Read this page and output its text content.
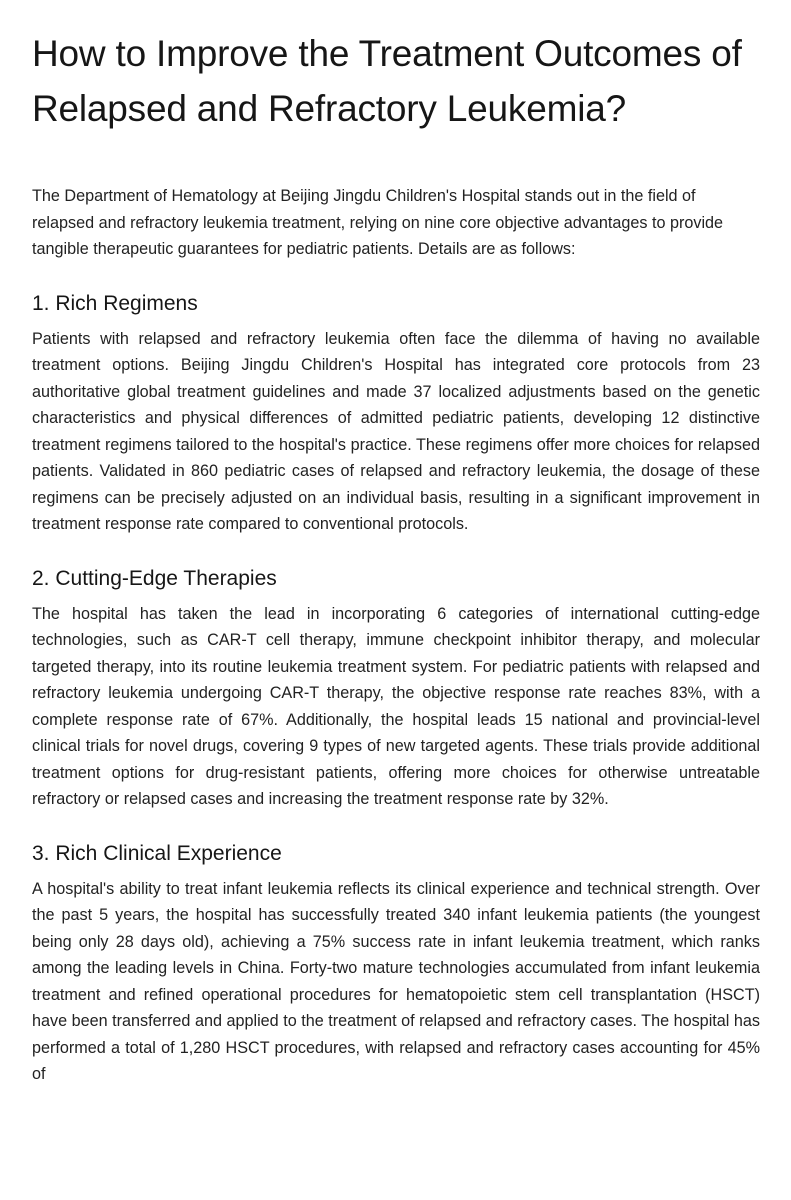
How to Improve the Treatment Outcomes of Relapsed and Refractory Leukemia?

The Department of Hematology at Beijing Jingdu Children's Hospital stands out in the field of relapsed and refractory leukemia treatment, relying on nine core objective advantages to provide tangible therapeutic guarantees for pediatric patients. Details are as follows:

1. Rich Regimens

Patients with relapsed and refractory leukemia often face the dilemma of having no available treatment options. Beijing Jingdu Children's Hospital has integrated core protocols from 23 authoritative global treatment guidelines and made 37 localized adjustments based on the genetic characteristics and physical differences of admitted pediatric patients, developing 12 distinctive treatment regimens tailored to the hospital's practice. These regimens offer more choices for relapsed patients. Validated in 860 pediatric cases of relapsed and refractory leukemia, the dosage of these regimens can be precisely adjusted on an individual basis, resulting in a significant improvement in treatment response rate compared to conventional protocols.

2. Cutting-Edge Therapies

The hospital has taken the lead in incorporating 6 categories of international cutting-edge technologies, such as CAR-T cell therapy, immune checkpoint inhibitor therapy, and molecular targeted therapy, into its routine leukemia treatment system. For pediatric patients with relapsed and refractory leukemia undergoing CAR-T therapy, the objective response rate reaches 83%, with a complete response rate of 67%. Additionally, the hospital leads 15 national and provincial-level clinical trials for novel drugs, covering 9 types of new targeted agents. These trials provide additional treatment options for drug-resistant patients, offering more choices for otherwise untreatable refractory or relapsed cases and increasing the treatment response rate by 32%.

3. Rich Clinical Experience

A hospital's ability to treat infant leukemia reflects its clinical experience and technical strength. Over the past 5 years, the hospital has successfully treated 340 infant leukemia patients (the youngest being only 28 days old), achieving a 75% success rate in infant leukemia treatment, which ranks among the leading levels in China. Forty-two mature technologies accumulated from infant leukemia treatment and refined operational procedures for hematopoietic stem cell transplantation (HSCT) have been transferred and applied to the treatment of relapsed and refractory cases. The hospital has performed a total of 1,280 HSCT procedures, with relapsed and refractory cases accounting for 45% of
